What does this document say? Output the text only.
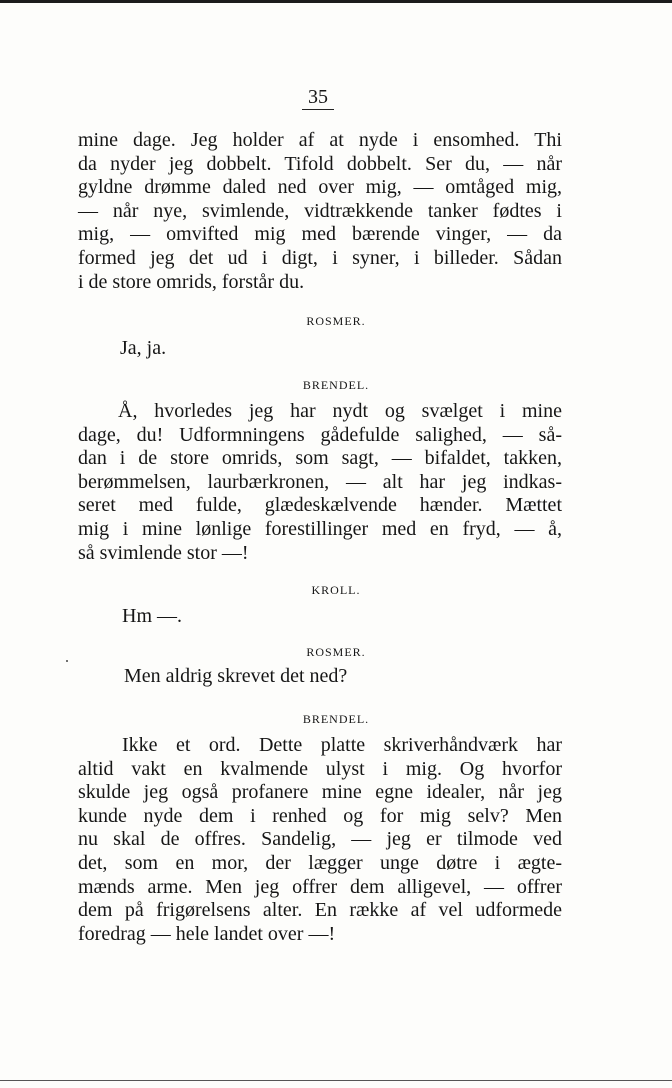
35
mine dage. Jeg holder af at nyde i ensomhed. Thi
da nyder jeg dobbelt. Tifold dobbelt. Ser du, — når
gyldne drømme daled ned over mig, — omtåged mig,
— når nye, svimlende, vidtrækkende tanker fødtes i
mig, — omvifted mig med bærende vinger, — da
formed jeg det ud i digt, i syner, i billeder. Sådan
i de store omrids, forstår du.
ROSMER.
Ja, ja.
BRENDEL.
Å, hvorledes jeg har nydt og svælget i mine
dage, du! Udformningens gådefulde salighed, — så-
dan i de store omrids, som sagt, — bifaldet, takken,
berømmelsen, laurbærkronen, — alt har jeg indkas-
seret med fulde, glædeskælvende hænder. Mættet
mig i mine lønlige forestillinger med en fryd, — å,
så svimlende stor —!
KROLL.
Hm —.
ROSMER.
Men aldrig skrevet det ned?
BRENDEL.
Ikke et ord. Dette platte skriverhåndværk har
altid vakt en kvalmende ulyst i mig. Og hvorfor
skulde jeg også profanere mine egne idealer, når jeg
kunde nyde dem i renhed og for mig selv? Men
nu skal de offres. Sandelig, — jeg er tilmode ved
det, som en mor, der lægger unge døtre i ægte-
mænds arme. Men jeg offrer dem alligevel, — offrer
dem på frigørelsens alter. En række af vel udformede
foredrag — hele landet over —!
